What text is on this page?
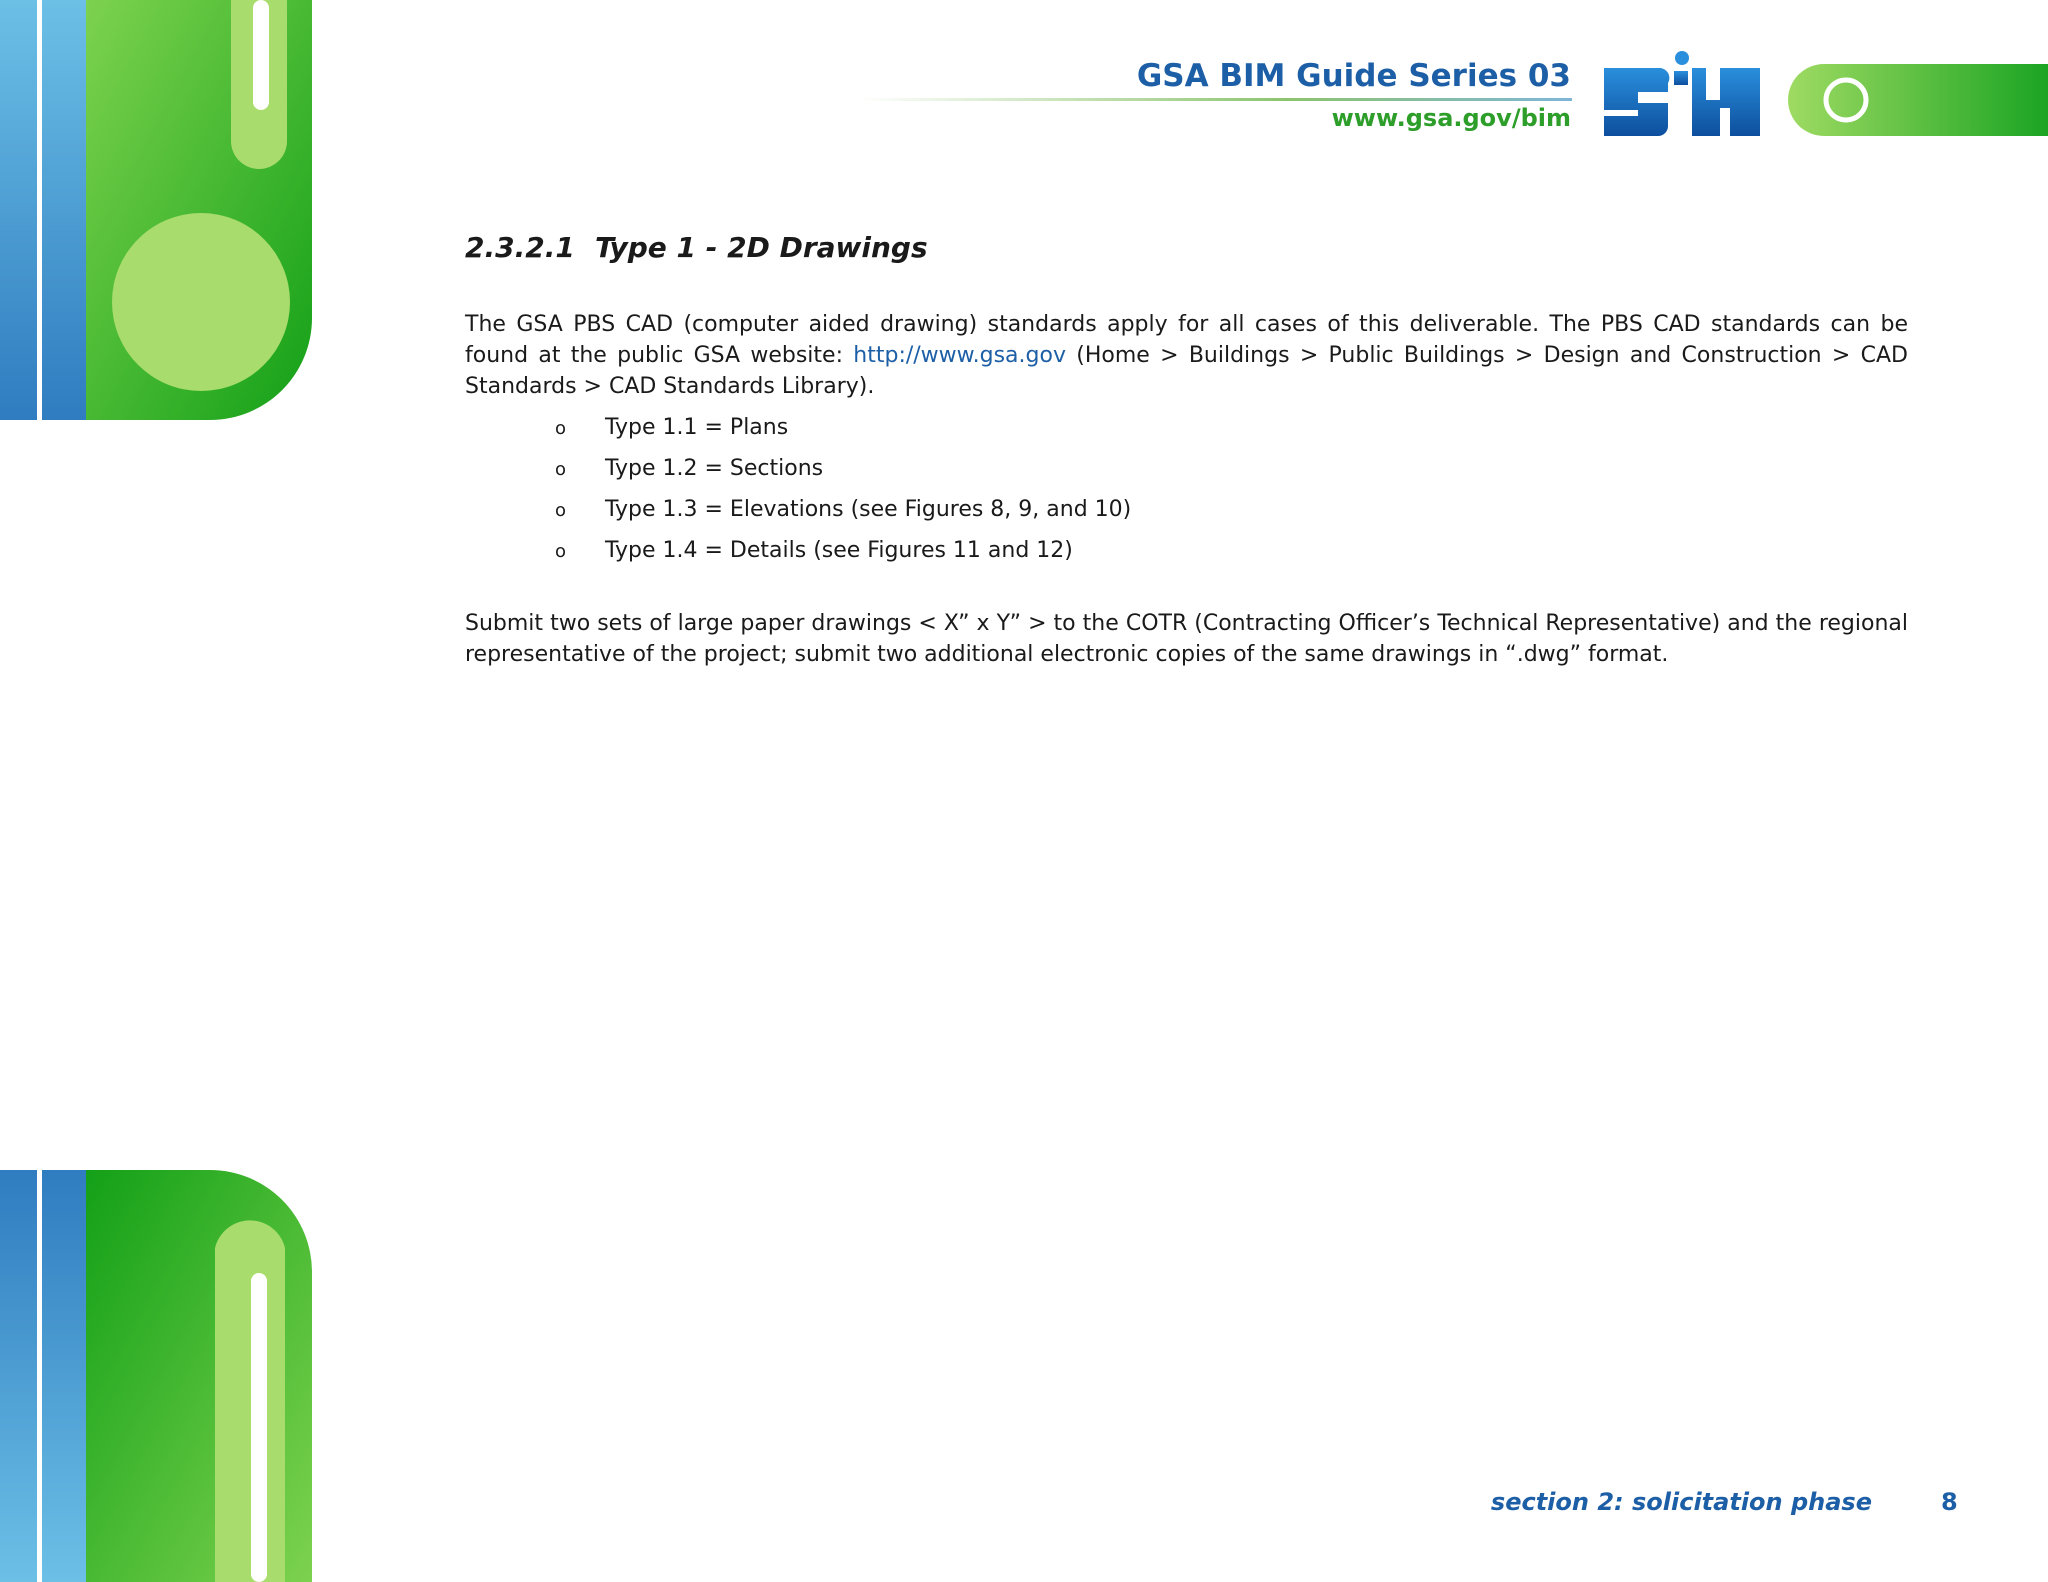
GSA BIM Guide Series 03
www.gsa.gov/bim
2.3.2.1 Type 1 - 2D Drawings

The GSA PBS CAD (computer aided drawing) standards apply for all cases of this deliverable. The PBS CAD standards can be found at the public GSA website: http://www.gsa.gov (Home > Buildings > Public Buildings > Design and Construction > CAD Standards > CAD Standards Library).

o Type 1.1 = Plans
o Type 1.2 = Sections
o Type 1.3 = Elevations (see Figures 8, 9, and 10)
o Type 1.4 = Details (see Figures 11 and 12)

Submit two sets of large paper drawings < X” x Y” > to the COTR (Contracting Officer’s Technical Representative) and the regional representative of the project; submit two additional electronic copies of the same drawings in “.dwg” format.

section 2: solicitation phase	8
